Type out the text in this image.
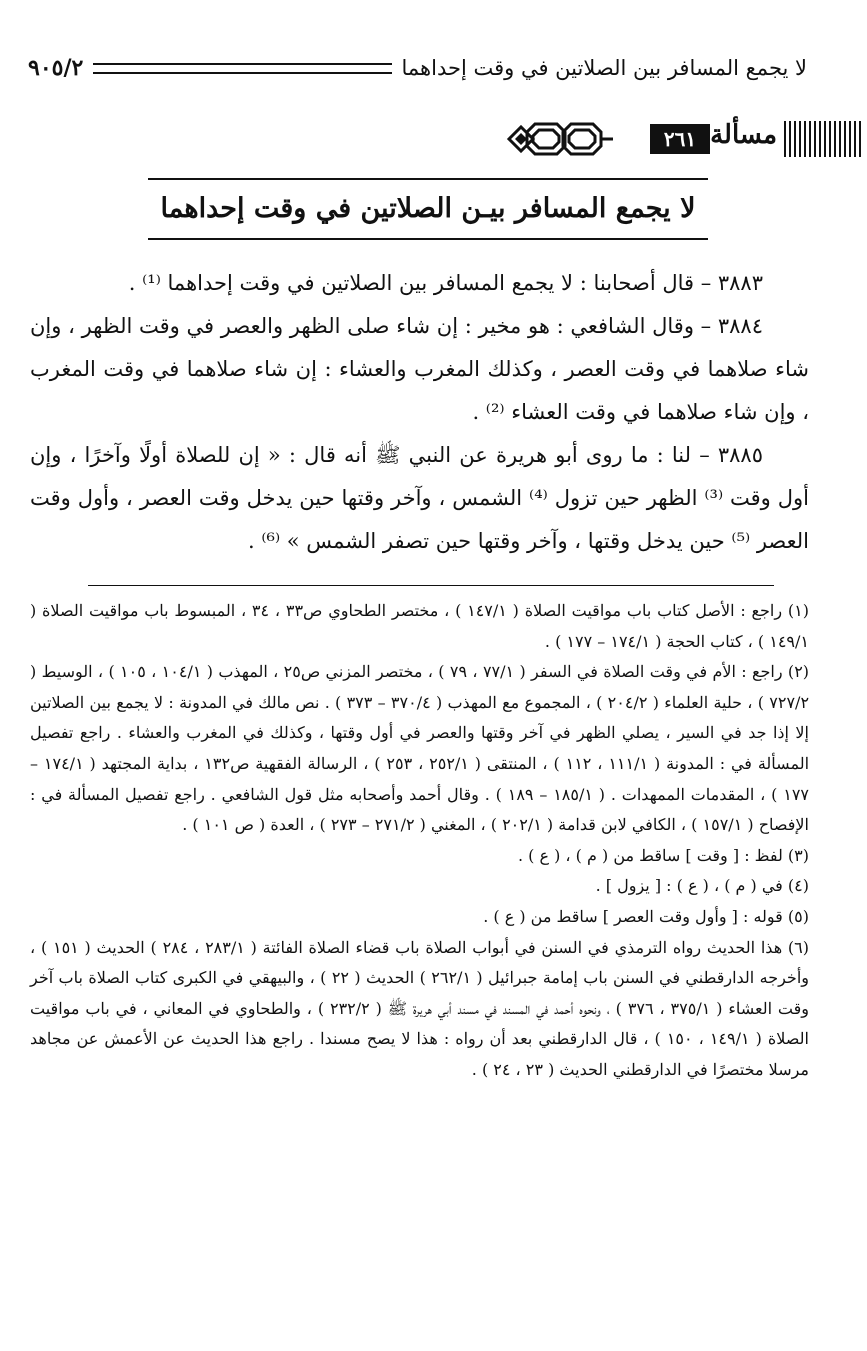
لا يجمع المسافر بين الصلاتين في وقت إحداهما
٩٠٥/٢
مسألة
٢٦١
لا يجمع المسافر بيـن الصلاتين في وقت إحداهما

٣٨٨٣ – قال أصحابنا : لا يجمع المسافر بين الصلاتين في وقت إحداهما ⁽¹⁾ .

٣٨٨٤ – وقال الشافعي : هو مخير : إن شاء صلى الظهر والعصر في وقت الظهر ، وإن شاء صلاهما في وقت العصر ، وكذلك المغرب والعشاء : إن شاء صلاهما في وقت المغرب ، وإن شاء صلاهما في وقت العشاء ⁽²⁾ .

٣٨٨٥ – لنا : ما روى أبو هريرة عن النبي ﷺ أنه قال : « إن للصلاة أولًا وآخرًا ، وإن أول وقت ⁽³⁾ الظهر حين تزول ⁽⁴⁾ الشمس ، وآخر وقتها حين يدخل وقت العصر ، وأول وقت العصر ⁽⁵⁾ حين يدخل وقتها ، وآخر وقتها حين تصفر الشمس » ⁽⁶⁾ .

(١) راجع : الأصل كتاب باب مواقيت الصلاة ( ١٤٧/١ ) ، مختصر الطحاوي ص٣٣ ، ٣٤ ، المبسوط باب مواقيت الصلاة ( ١٤٩/١ ) ، كتاب الحجة ( ١٧٤/١ – ١٧٧ ) .

(٢) راجع : الأم في وقت الصلاة في السفر ( ٧٧/١ ، ٧٩ ) ، مختصر المزني ص٢٥ ، المهذب ( ١٠٤/١ ، ١٠٥ ) ، الوسيط ( ٧٢٧/٢ ) ، حلية العلماء ( ٢٠٤/٢ ) ، المجموع مع المهذب ( ٣٧٠/٤ – ٣٧٣ ) . نص مالك في المدونة : لا يجمع بين الصلاتين إلا إذا جد في السير ، يصلي الظهر في آخر وقتها والعصر في أول وقتها ، وكذلك في المغرب والعشاء . راجع تفصيل المسألة في : المدونة ( ١١١/١ ، ١١٢ ) ، المنتقى ( ٢٥٢/١ ، ٢٥٣ ) ، الرسالة الفقهية ص١٣٢ ، بداية المجتهد ( ١٧٤/١ – ١٧٧ ) ، المقدمات الممهدات . ( ١٨٥/١ – ١٨٩ ) . وقال أحمد وأصحابه مثل قول الشافعي . راجع تفصيل المسألة في : الإفصاح ( ١٥٧/١ ) ، الكافي لابن قدامة ( ٢٠٢/١ ) ، المغني ( ٢٧١/٢ – ٢٧٣ ) ، العدة ( ص ١٠١ ) .

(٣) لفظ : [ وقت ] ساقط من ( م ) ، ( ع ) .

(٤) في ( م ) ، ( ع ) : [ يزول ] .

(٥) قوله : [ وأول وقت العصر ] ساقط من ( ع ) .

(٦) هذا الحديث رواه الترمذي في السنن في أبواب الصلاة باب قضاء الصلاة الفائتة ( ٢٨٣/١ ، ٢٨٤ ) الحديث ( ١٥١ ) ، وأخرجه الدارقطني في السنن باب إمامة جبرائيل ( ٢٦٢/١ ) الحديث ( ٢٢ ) ، والبيهقي في الكبرى كتاب الصلاة باب آخر وقت العشاء ( ٣٧٥/١ ، ٣٧٦ ) ، ونحوه أحمد في المسند في مسند أبي هريرة ﷺ ( ٢٣٢/٢ ) ، والطحاوي في المعاني ، في باب مواقيت الصلاة ( ١٤٩/١ ، ١٥٠ ) ، قال الدارقطني بعد أن رواه : هذا لا يصح مسندا . راجع هذا الحديث عن الأعمش عن مجاهد مرسلا مختصرًا في الدارقطني الحديث ( ٢٣ ، ٢٤ ) .
